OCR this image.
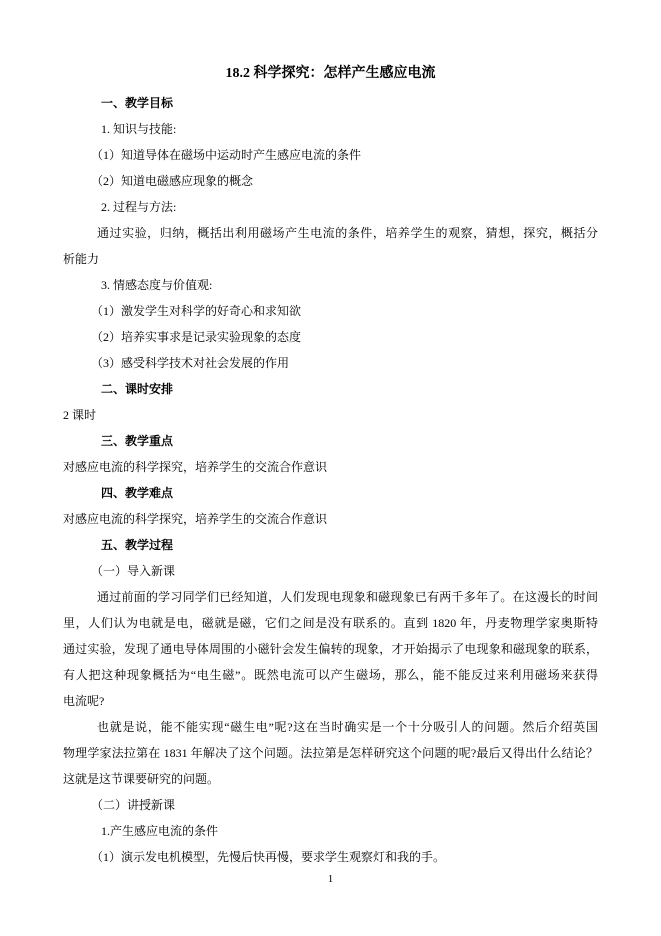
18.2 科学探究：怎样产生感应电流
一、教学目标
1. 知识与技能:
（1）知道导体在磁场中运动时产生感应电流的条件
（2）知道电磁感应现象的概念
2. 过程与方法:
通过实验，归纳，概括出利用磁场产生电流的条件，培养学生的观察，猜想，探究，概括分
析能力
3. 情感态度与价值观:
（1）激发学生对科学的好奇心和求知欲
（2）培养实事求是记录实验现象的态度
（3）感受科学技术对社会发展的作用
二、课时安排
2 课时
三、教学重点
对感应电流的科学探究，培养学生的交流合作意识
四、教学难点
对感应电流的科学探究，培养学生的交流合作意识
五、教学过程
（一）导入新课
通过前面的学习同学们已经知道，人们发现电现象和磁现象已有两千多年了。在这漫长的时间
里，人们认为电就是电，磁就是磁，它们之间是没有联系的。直到 1820 年，丹麦物理学家奥斯特
通过实验，发现了通电导体周围的小磁针会发生偏转的现象，才开始揭示了电现象和磁现象的联系，
有人把这种现象概括为“电生磁”。既然电流可以产生磁场，那么，能不能反过来利用磁场来获得
电流呢?
也就是说，能不能实现“磁生电”呢?这在当时确实是一个十分吸引人的问题。然后介绍英国
物理学家法拉第在 1831 年解决了这个问题。法拉第是怎样研究这个问题的呢?最后又得出什么结论？
这就是这节课要研究的问题。
（二）讲授新课
1.产生感应电流的条件
（1）演示发电机模型，先慢后快再慢，要求学生观察灯和我的手。
1
